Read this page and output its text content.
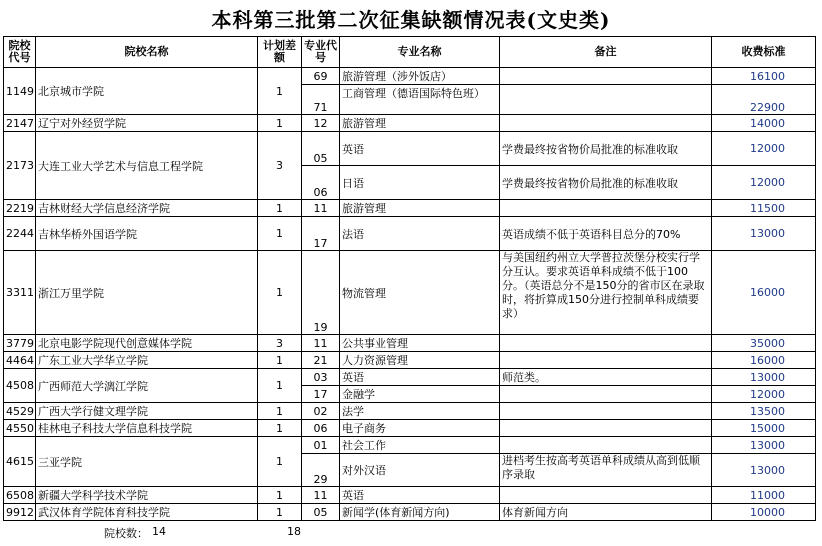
本科第三批第二次征集缺额情况表(文史类)
院校代号	院校名称	计划差额	专业代号	专业名称	备注	收费标准
1149	北京城市学院	1	69	旅游管理（涉外饭店）		16100
			71	工商管理（德语国际特色班）		22900
2147	辽宁对外经贸学院	1	12	旅游管理		14000
2173	大连工业大学艺术与信息工程学院	3	05	英语	学费最终按省物价局批准的标准收取	12000
			06	日语	学费最终按省物价局批准的标准收取	12000
2219	吉林财经大学信息经济学院	1	11	旅游管理		11500
2244	吉林华桥外国语学院	1	17	法语	英语成绩不低于英语科目总分的70%	13000
3311	浙江万里学院	1	19	物流管理	与美国纽约州立大学普拉茨堡分校实行学分互认。要求英语单科成绩不低于100分。（英语总分不是150分的省市区在录取时，将折算成150分进行控制单科成绩要求）	16000
3779	北京电影学院现代创意媒体学院	3	11	公共事业管理		35000
4464	广东工业大学华立学院	1	21	人力资源管理		16000
4508	广西师范大学漓江学院	1	03	英语	师范类。	13000
			17	金融学		12000
4529	广西大学行健文理学院	1	02	法学		13500
4550	桂林电子科技大学信息科技学院	1	06	电子商务		15000
4615	三亚学院	1	01	社会工作		13000
			29	对外汉语	进档考生按高考英语单科成绩从高到低顺序录取	13000
6508	新疆大学科学技术学院	1	11	英语		11000
9912	武汉体育学院体育科技学院	1	05	新闻学(体育新闻方向)	体育新闻方向	10000
院校数： 14	18
